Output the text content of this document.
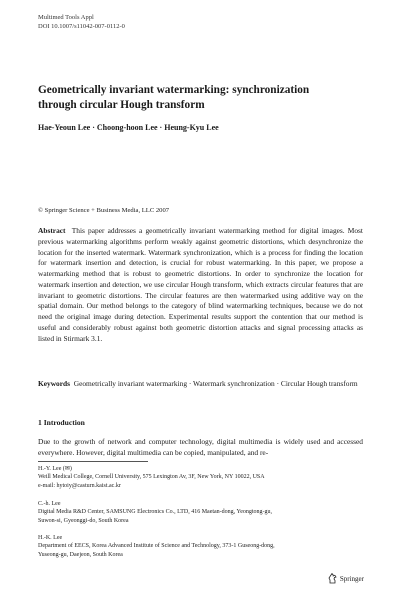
Multimed Tools Appl
DOI 10.1007/s11042-007-0112-0
Geometrically invariant watermarking: synchronization
through circular Hough transform
Hae-Yeoun Lee · Choong-hoon Lee · Heung-Kyu Lee
© Springer Science + Business Media, LLC 2007
Abstract This paper addresses a geometrically invariant watermarking method for digital images. Most previous watermarking algorithms perform weakly against geometric distortions, which desynchronize the location for the inserted watermark. Watermark synchronization, which is a process for finding the location for watermark insertion and detection, is crucial for robust watermarking. In this paper, we propose a watermarking method that is robust to geometric distortions. In order to synchronize the location for watermark insertion and detection, we use circular Hough transform, which extracts circular features that are invariant to geometric distortions. The circular features are then watermarked using additive way on the spatial domain. Our method belongs to the category of blind watermarking techniques, because we do not need the original image during detection. Experimental results support the contention that our method is useful and considerably robust against both geometric distortion attacks and signal processing attacks as listed in Stirmark 3.1.
Keywords Geometrically invariant watermarking · Watermark synchronization · Circular Hough transform
1 Introduction
Due to the growth of network and computer technology, digital multimedia is widely used and accessed everywhere. However, digital multimedia can be copied, manipulated, and re-
H.-Y. Lee (✉)
Weill Medical College, Cornell University, 575 Lexington Av, 3F, New York, NY 10022, USA
e-mail: hytoiy@casturn.kaist.ac.kr
C.-h. Lee
Digital Media R&D Center, SAMSUNG Electronics Co., LTD, 416 Maetan-dong, Yeongtong-gu,
Suwon-si, Gyeonggi-do, South Korea
H.-K. Lee
Department of EECS, Korea Advanced Institute of Science and Technology, 373-1 Guseong-dong,
Yuseong-gu, Daejeon, South Korea
Springer
